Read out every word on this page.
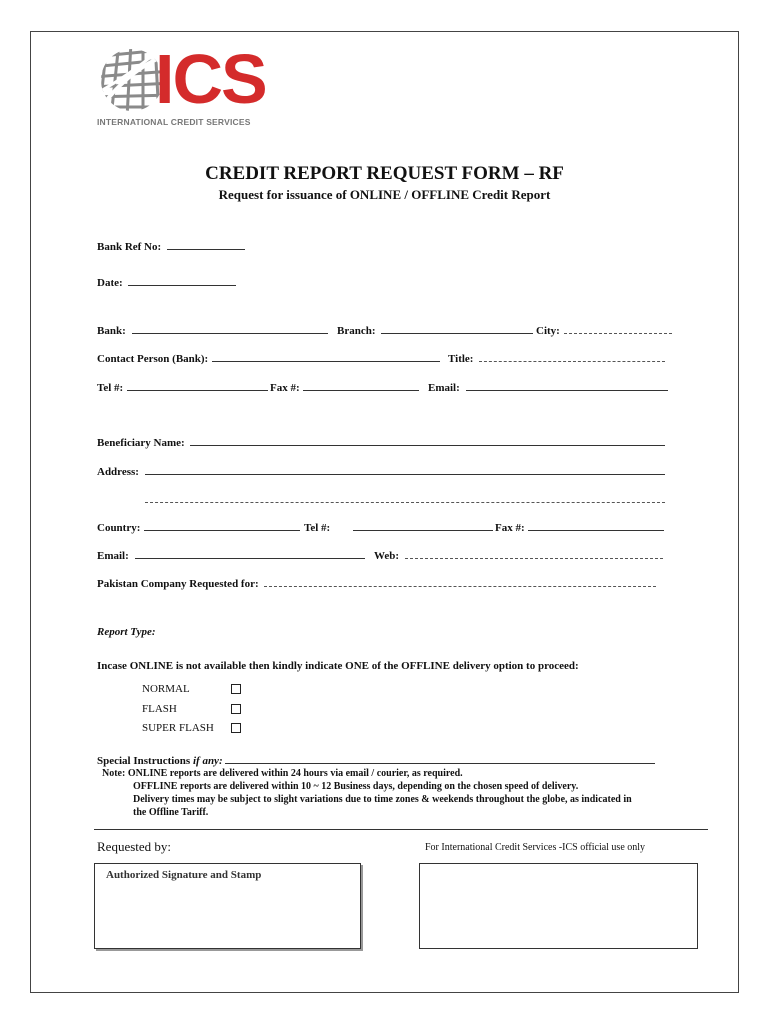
ICS
INTERNATIONAL CREDIT SERVICES
CREDIT REPORT REQUEST FORM – RF
Request for issuance of ONLINE / OFFLINE Credit Report
Bank Ref No:
Date:
Bank:	Branch:	City:
Contact Person (Bank):	Title:
Tel #:	Fax #:	Email:
Beneficiary Name:
Address:
Country:	Tel #:	Fax #:
Email:	Web:
Pakistan Company Requested for:
Report Type:
Incase ONLINE is not available then kindly indicate ONE of the OFFLINE delivery option to proceed:
NORMAL
FLASH
SUPER FLASH
Special Instructions if any:
Note: ONLINE reports are delivered within 24 hours via email / courier, as required.
OFFLINE reports are delivered within 10 ~ 12 Business days, depending on the chosen speed of delivery.
Delivery times may be subject to slight variations due to time zones & weekends throughout the globe, as indicated in
the Offline Tariff.
Requested by:	For International Credit Services -ICS official use only
Authorized Signature and Stamp
